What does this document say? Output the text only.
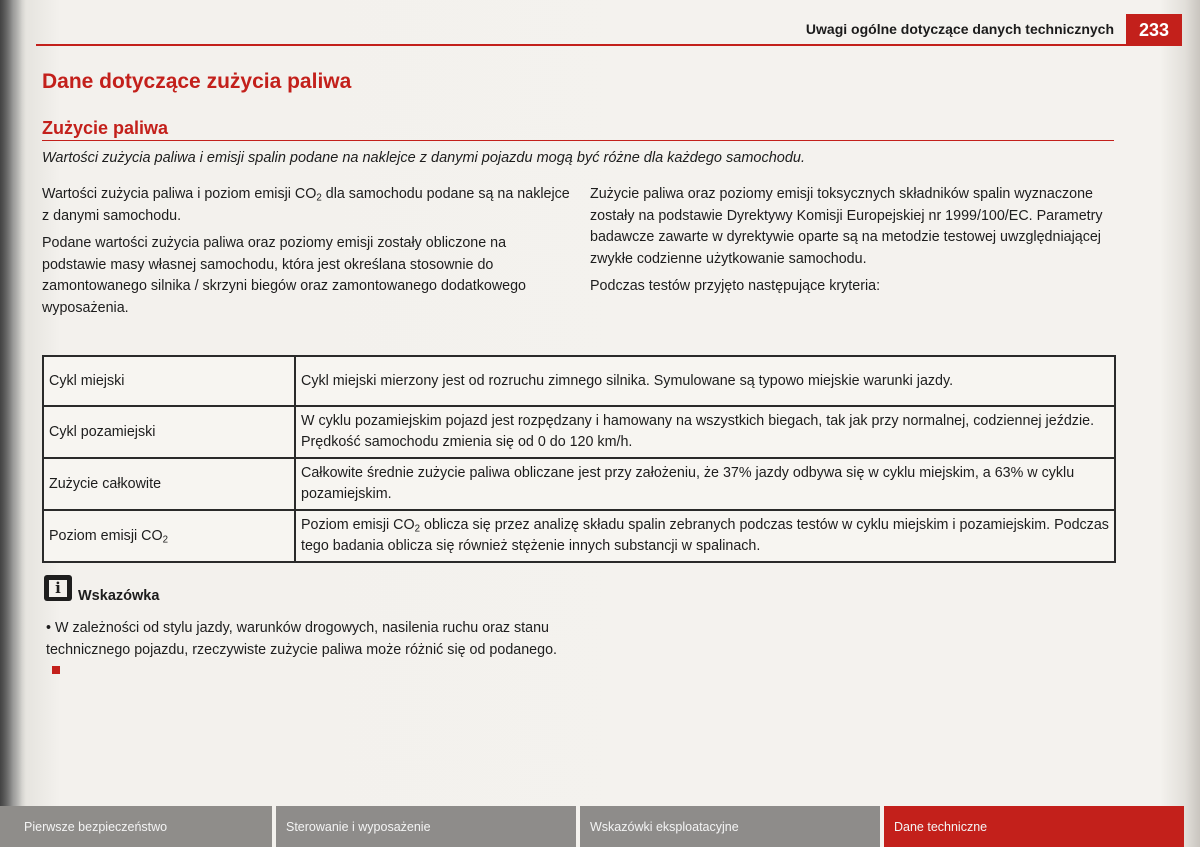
Uwagi ogólne dotyczące danych technicznych	233
Dane dotyczące zużycia paliwa
Zużycie paliwa
Wartości zużycia paliwa i emisji spalin podane na naklejce z danymi pojazdu mogą być różne dla każdego samochodu.

Wartości zużycia paliwa i poziom emisji $CO_2$ dla samochodu podane są na naklejce z danymi samochodu.

Podane wartości zużycia paliwa oraz poziomy emisji zostały obliczone na podstawie masy własnej samochodu, która jest określana stosownie do zamontowanego silnika / skrzyni biegów oraz zamontowanego dodatkowego wyposażenia.

Zużycie paliwa oraz poziomy emisji toksycznych składników spalin wyznaczone zostały na podstawie Dyrektywy Komisji Europejskiej nr 1999/100/EC. Parametry badawcze zawarte w dyrektywie oparte są na metodzie testowej uwzględniającej zwykłe codzienne użytkowanie samochodu.

Podczas testów przyjęto następujące kryteria:

Cykl miejski	Cykl miejski mierzony jest od rozruchu zimnego silnika. Symulowane są typowo miejskie warunki jazdy.
Cykl pozamiejski	W cyklu pozamiejskim pojazd jest rozpędzany i hamowany na wszystkich biegach, tak jak przy normalnej, codziennej jeździe. Prędkość samochodu zmienia się od 0 do 120 km/h.
Zużycie całkowite	Całkowite średnie zużycie paliwa obliczane jest przy założeniu, że 37% jazdy odbywa się w cyklu miejskim, a 63% w cyklu pozamiejskim.
Poziom emisji $CO_2$	Poziom emisji $CO_2$ oblicza się przez analizę składu spalin zebranych podczas testów w cyklu miejskim i pozamiejskim. Podczas tego badania oblicza się również stężenie innych substancji w spalinach.
i	Wskazówka
• W zależności od stylu jazdy, warunków drogowych, nasilenia ruchu oraz stanu technicznego pojazdu, rzeczywiste zużycie paliwa może różnić się od podanego.
Pierwsze bezpieczeństwo	Sterowanie i wyposażenie	Wskazówki eksploatacyjne	Dane techniczne
